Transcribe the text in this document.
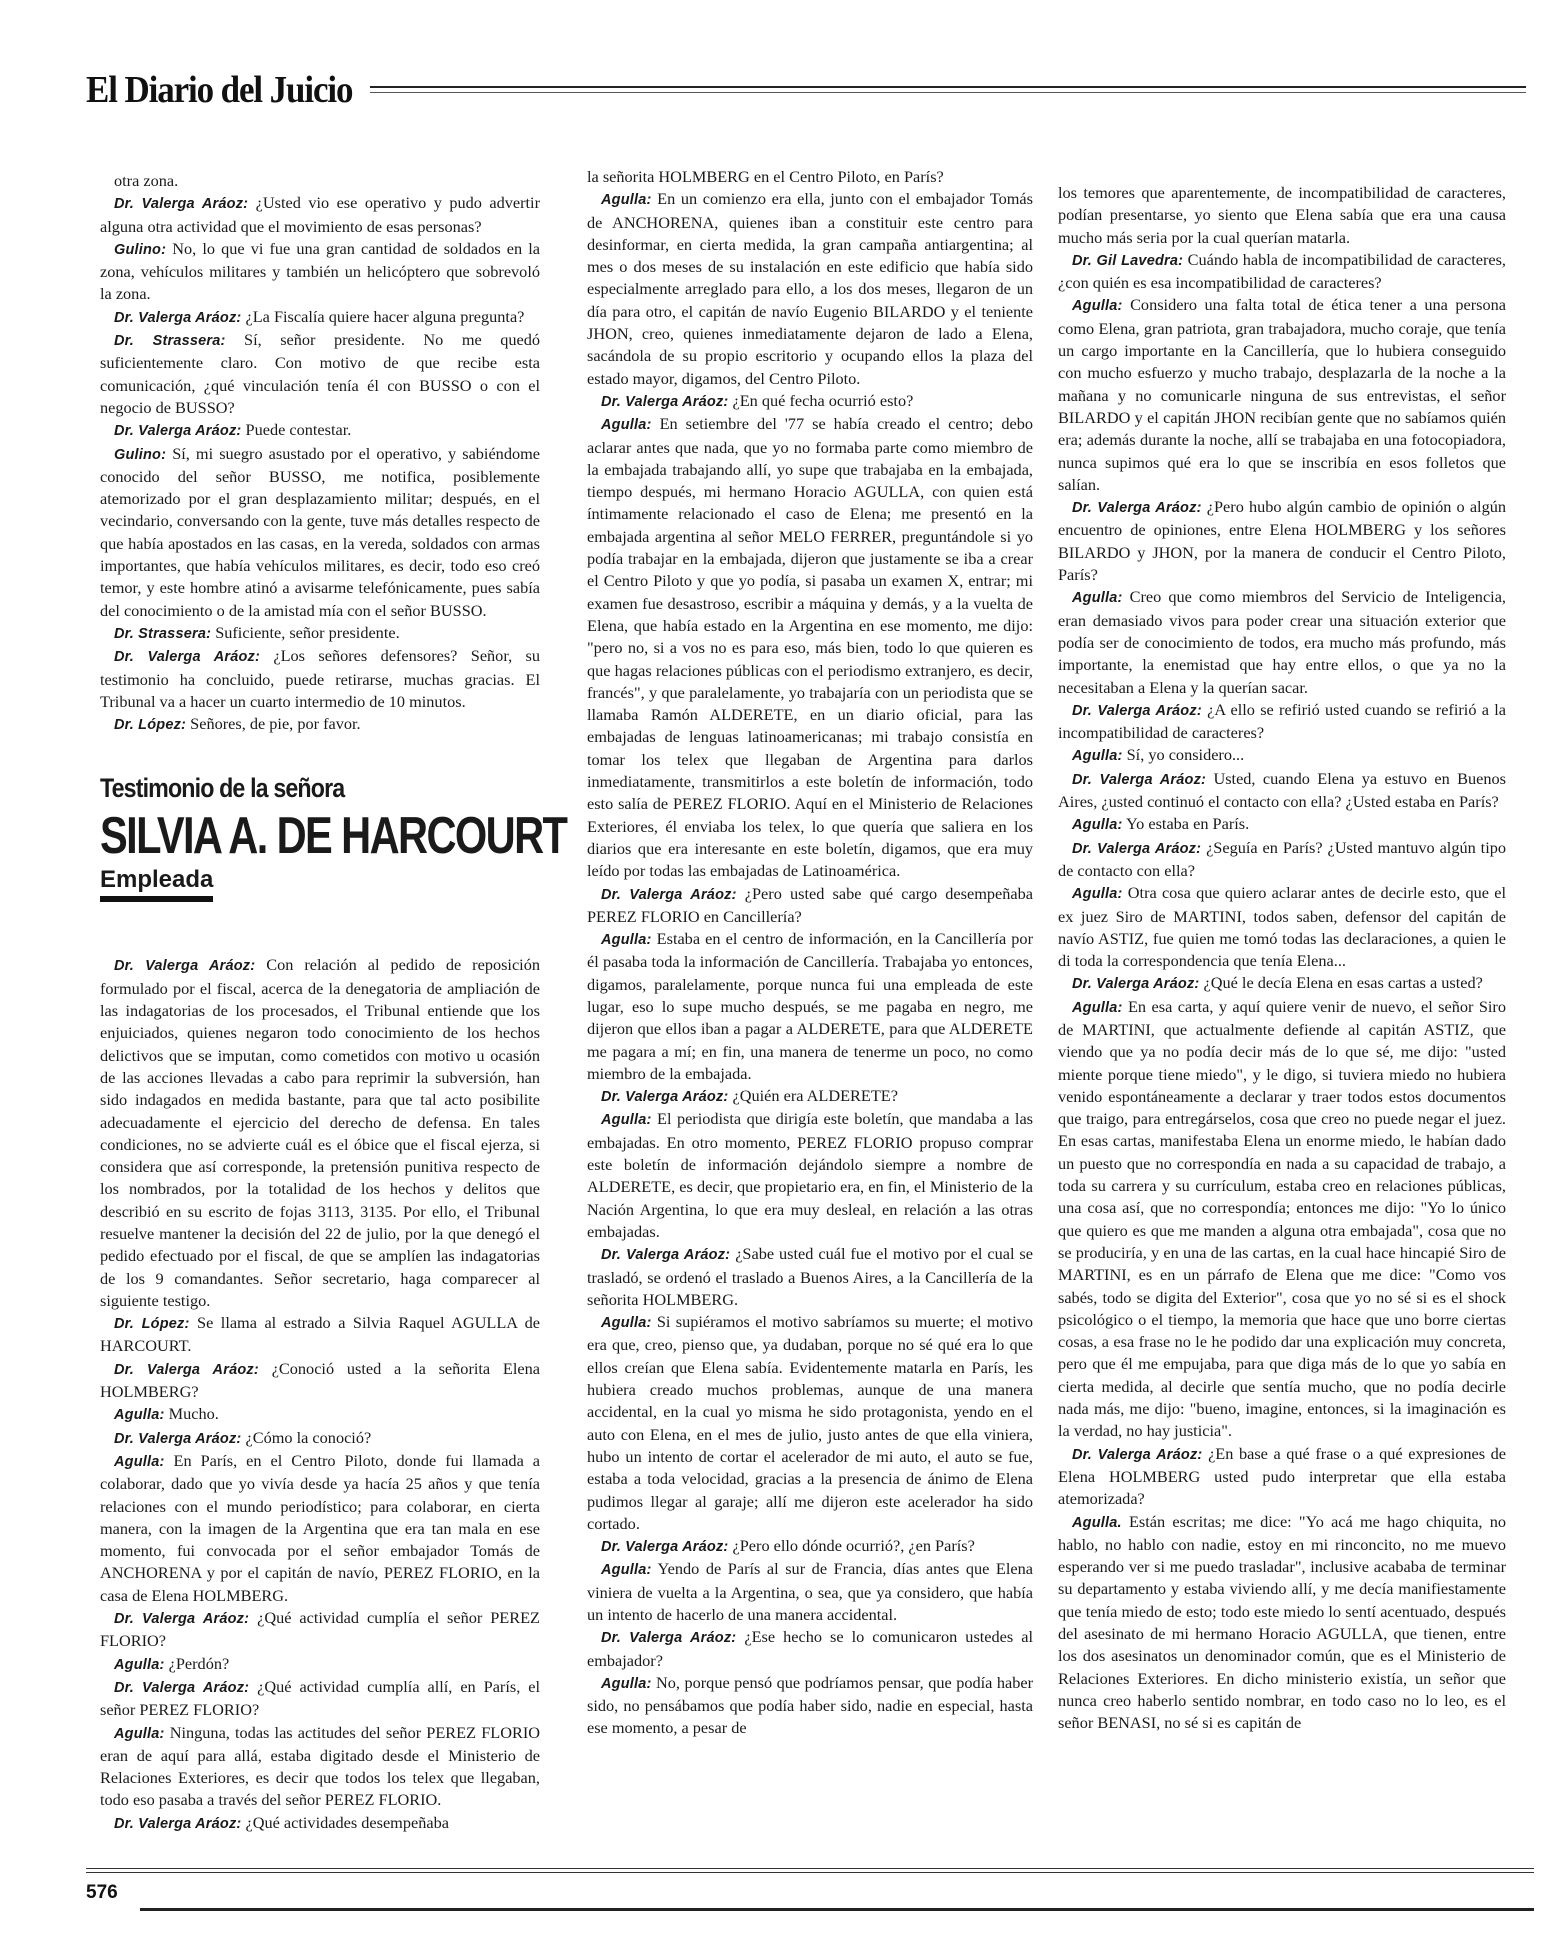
El Diario del Juicio

otra zona.

Dr. Valerga Aráoz: ¿Usted vio ese operativo y pudo advertir alguna otra actividad que el movimiento de esas personas?

Gulino: No, lo que vi fue una gran cantidad de soldados en la zona, vehículos militares y también un helicóptero que sobrevoló la zona.

Dr. Valerga Aráoz: ¿La Fiscalía quiere hacer alguna pregunta?

Dr. Strassera: Sí, señor presidente. No me quedó suficientemente claro. Con motivo de que recibe esta comunicación, ¿qué vinculación tenía él con BUSSO o con el negocio de BUSSO?

Dr. Valerga Aráoz: Puede contestar.

Gulino: Sí, mi suegro asustado por el operativo, y sabiéndome conocido del señor BUSSO, me notifica, posiblemente atemorizado por el gran desplazamiento militar; después, en el vecindario, conversando con la gente, tuve más detalles respecto de que había apostados en las casas, en la vereda, soldados con armas importantes, que había vehículos militares, es decir, todo eso creó temor, y este hombre atinó a avisarme telefónicamente, pues sabía del conocimiento o de la amistad mía con el señor BUSSO.

Dr. Strassera: Suficiente, señor presidente.

Dr. Valerga Aráoz: ¿Los señores defensores? Señor, su testimonio ha concluido, puede retirarse, muchas gracias. El Tribunal va a hacer un cuarto intermedio de 10 minutos.

Dr. López: Señores, de pie, por favor.

Testimonio de la señora
SILVIA A. DE HARCOURT
Empleada

Dr. Valerga Aráoz: Con relación al pedido de reposición formulado por el fiscal, acerca de la denegatoria de ampliación de las indagatorias de los procesados, el Tribunal entiende que los enjuiciados, quienes negaron todo conocimiento de los hechos delictivos que se imputan, como cometidos con motivo u ocasión de las acciones llevadas a cabo para reprimir la subversión, han sido indagados en medida bastante, para que tal acto posibilite adecuadamente el ejercicio del derecho de defensa. En tales condiciones, no se advierte cuál es el óbice que el fiscal ejerza, si considera que así corresponde, la pretensión punitiva respecto de los nombrados, por la totalidad de los hechos y delitos que describió en su escrito de fojas 3113, 3135. Por ello, el Tribunal resuelve mantener la decisión del 22 de julio, por la que denegó el pedido efectuado por el fiscal, de que se amplíen las indagatorias de los 9 comandantes. Señor secretario, haga comparecer al siguiente testigo.

Dr. López: Se llama al estrado a Silvia Raquel AGULLA de HARCOURT.

Dr. Valerga Aráoz: ¿Conoció usted a la señorita Elena HOLMBERG?

Agulla: Mucho.

Dr. Valerga Aráoz: ¿Cómo la conoció?

Agulla: En París, en el Centro Piloto, donde fui llamada a colaborar, dado que yo vivía desde ya hacía 25 años y que tenía relaciones con el mundo periodístico; para colaborar, en cierta manera, con la imagen de la Argentina que era tan mala en ese momento, fui convocada por el señor embajador Tomás de ANCHORENA y por el capitán de navío, PEREZ FLORIO, en la casa de Elena HOLMBERG.

Dr. Valerga Aráoz: ¿Qué actividad cumplía el señor PEREZ FLORIO?

Agulla: ¿Perdón?

Dr. Valerga Aráoz: ¿Qué actividad cumplía allí, en París, el señor PEREZ FLORIO?

Agulla: Ninguna, todas las actitudes del señor PEREZ FLORIO eran de aquí para allá, estaba digitado desde el Ministerio de Relaciones Exteriores, es decir que todos los telex que llegaban, todo eso pasaba a través del señor PEREZ FLORIO.

Dr. Valerga Aráoz: ¿Qué actividades desempeñaba

la señorita HOLMBERG en el Centro Piloto, en París?

Agulla: En un comienzo era ella, junto con el embajador Tomás de ANCHORENA, quienes iban a constituir este centro para desinformar, en cierta medida, la gran campaña antiargentina; al mes o dos meses de su instalación en este edificio que había sido especialmente arreglado para ello, a los dos meses, llegaron de un día para otro, el capitán de navío Eugenio BILARDO y el teniente JHON, creo, quienes inmediatamente dejaron de lado a Elena, sacándola de su propio escritorio y ocupando ellos la plaza del estado mayor, digamos, del Centro Piloto.

Dr. Valerga Aráoz: ¿En qué fecha ocurrió esto?

Agulla: En setiembre del '77 se había creado el centro; debo aclarar antes que nada, que yo no formaba parte como miembro de la embajada trabajando allí, yo supe que trabajaba en la embajada, tiempo después, mi hermano Horacio AGULLA, con quien está íntimamente relacionado el caso de Elena; me presentó en la embajada argentina al señor MELO FERRER, preguntándole si yo podía trabajar en la embajada, dijeron que justamente se iba a crear el Centro Piloto y que yo podía, si pasaba un examen X, entrar; mi examen fue desastroso, escribir a máquina y demás, y a la vuelta de Elena, que había estado en la Argentina en ese momento, me dijo: "pero no, si a vos no es para eso, más bien, todo lo que quieren es que hagas relaciones públicas con el periodismo extranjero, es decir, francés", y que paralelamente, yo trabajaría con un periodista que se llamaba Ramón ALDERETE, en un diario oficial, para las embajadas de lenguas latinoamericanas; mi trabajo consistía en tomar los telex que llegaban de Argentina para darlos inmediatamente, transmitirlos a este boletín de información, todo esto salía de PEREZ FLORIO. Aquí en el Ministerio de Relaciones Exteriores, él enviaba los telex, lo que quería que saliera en los diarios que era interesante en este boletín, digamos, que era muy leído por todas las embajadas de Latinoamérica.

Dr. Valerga Aráoz: ¿Pero usted sabe qué cargo desempeñaba PEREZ FLORIO en Cancillería?

Agulla: Estaba en el centro de información, en la Cancillería por él pasaba toda la información de Cancillería. Trabajaba yo entonces, digamos, paralelamente, porque nunca fui una empleada de este lugar, eso lo supe mucho después, se me pagaba en negro, me dijeron que ellos iban a pagar a ALDERETE, para que ALDERETE me pagara a mí; en fin, una manera de tenerme un poco, no como miembro de la embajada.

Dr. Valerga Aráoz: ¿Quién era ALDERETE?

Agulla: El periodista que dirigía este boletín, que mandaba a las embajadas. En otro momento, PEREZ FLORIO propuso comprar este boletín de información dejándolo siempre a nombre de ALDERETE, es decir, que propietario era, en fin, el Ministerio de la Nación Argentina, lo que era muy desleal, en relación a las otras embajadas.

Dr. Valerga Aráoz: ¿Sabe usted cuál fue el motivo por el cual se trasladó, se ordenó el traslado a Buenos Aires, a la Cancillería de la señorita HOLMBERG.

Agulla: Si supiéramos el motivo sabríamos su muerte; el motivo era que, creo, pienso que, ya dudaban, porque no sé qué era lo que ellos creían que Elena sabía. Evidentemente matarla en París, les hubiera creado muchos problemas, aunque de una manera accidental, en la cual yo misma he sido protagonista, yendo en el auto con Elena, en el mes de julio, justo antes de que ella viniera, hubo un intento de cortar el acelerador de mi auto, el auto se fue, estaba a toda velocidad, gracias a la presencia de ánimo de Elena pudimos llegar al garaje; allí me dijeron este acelerador ha sido cortado.

Dr. Valerga Aráoz: ¿Pero ello dónde ocurrió?, ¿en París?

Agulla: Yendo de París al sur de Francia, días antes que Elena viniera de vuelta a la Argentina, o sea, que ya considero, que había un intento de hacerlo de una manera accidental.

Dr. Valerga Aráoz: ¿Ese hecho se lo comunicaron ustedes al embajador?

Agulla: No, porque pensó que podríamos pensar, que podía haber sido, no pensábamos que podía haber sido, nadie en especial, hasta ese momento, a pesar de

los temores que aparentemente, de incompatibilidad de caracteres, podían presentarse, yo siento que Elena sabía que era una causa mucho más seria por la cual querían matarla.

Dr. Gil Lavedra: Cuándo habla de incompatibilidad de caracteres, ¿con quién es esa incompatibilidad de caracteres?

Agulla: Considero una falta total de ética tener a una persona como Elena, gran patriota, gran trabajadora, mucho coraje, que tenía un cargo importante en la Cancillería, que lo hubiera conseguido con mucho esfuerzo y mucho trabajo, desplazarla de la noche a la mañana y no comunicarle ninguna de sus entrevistas, el señor BILARDO y el capitán JHON recibían gente que no sabíamos quién era; además durante la noche, allí se trabajaba en una fotocopiadora, nunca supimos qué era lo que se inscribía en esos folletos que salían.

Dr. Valerga Aráoz: ¿Pero hubo algún cambio de opinión o algún encuentro de opiniones, entre Elena HOLMBERG y los señores BILARDO y JHON, por la manera de conducir el Centro Piloto, París?

Agulla: Creo que como miembros del Servicio de Inteligencia, eran demasiado vivos para poder crear una situación exterior que podía ser de conocimiento de todos, era mucho más profundo, más importante, la enemistad que hay entre ellos, o que ya no la necesitaban a Elena y la querían sacar.

Dr. Valerga Aráoz: ¿A ello se refirió usted cuando se refirió a la incompatibilidad de caracteres?

Agulla: Sí, yo considero...

Dr. Valerga Aráoz: Usted, cuando Elena ya estuvo en Buenos Aires, ¿usted continuó el contacto con ella? ¿Usted estaba en París?

Agulla: Yo estaba en París.

Dr. Valerga Aráoz: ¿Seguía en París? ¿Usted mantuvo algún tipo de contacto con ella?

Agulla: Otra cosa que quiero aclarar antes de decirle esto, que el ex juez Siro de MARTINI, todos saben, defensor del capitán de navío ASTIZ, fue quien me tomó todas las declaraciones, a quien le di toda la correspondencia que tenía Elena...

Dr. Valerga Aráoz: ¿Qué le decía Elena en esas cartas a usted?

Agulla: En esa carta, y aquí quiere venir de nuevo, el señor Siro de MARTINI, que actualmente defiende al capitán ASTIZ, que viendo que ya no podía decir más de lo que sé, me dijo: "usted miente porque tiene miedo", y le digo, si tuviera miedo no hubiera venido espontáneamente a declarar y traer todos estos documentos que traigo, para entregárselos, cosa que creo no puede negar el juez. En esas cartas, manifestaba Elena un enorme miedo, le habían dado un puesto que no correspondía en nada a su capacidad de trabajo, a toda su carrera y su currículum, estaba creo en relaciones públicas, una cosa así, que no correspondía; entonces me dijo: "Yo lo único que quiero es que me manden a alguna otra embajada", cosa que no se produciría, y en una de las cartas, en la cual hace hincapié Siro de MARTINI, es en un párrafo de Elena que me dice: "Como vos sabés, todo se digita del Exterior", cosa que yo no sé si es el shock psicológico o el tiempo, la memoria que hace que uno borre ciertas cosas, a esa frase no le he podido dar una explicación muy concreta, pero que él me empujaba, para que diga más de lo que yo sabía en cierta medida, al decirle que sentía mucho, que no podía decirle nada más, me dijo: "bueno, imagine, entonces, si la imaginación es la verdad, no hay justicia".

Dr. Valerga Aráoz: ¿En base a qué frase o a qué expresiones de Elena HOLMBERG usted pudo interpretar que ella estaba atemorizada?

Agulla. Están escritas; me dice: "Yo acá me hago chiquita, no hablo, no hablo con nadie, estoy en mi rinconcito, no me muevo esperando ver si me puedo trasladar", inclusive acababa de terminar su departamento y estaba viviendo allí, y me decía manifiestamente que tenía miedo de esto; todo este miedo lo sentí acentuado, después del asesinato de mi hermano Horacio AGULLA, que tienen, entre los dos asesinatos un denominador común, que es el Ministerio de Relaciones Exteriores. En dicho ministerio existía, un señor que nunca creo haberlo sentido nombrar, en todo caso no lo leo, es el señor BENASI, no sé si es capitán de

576
